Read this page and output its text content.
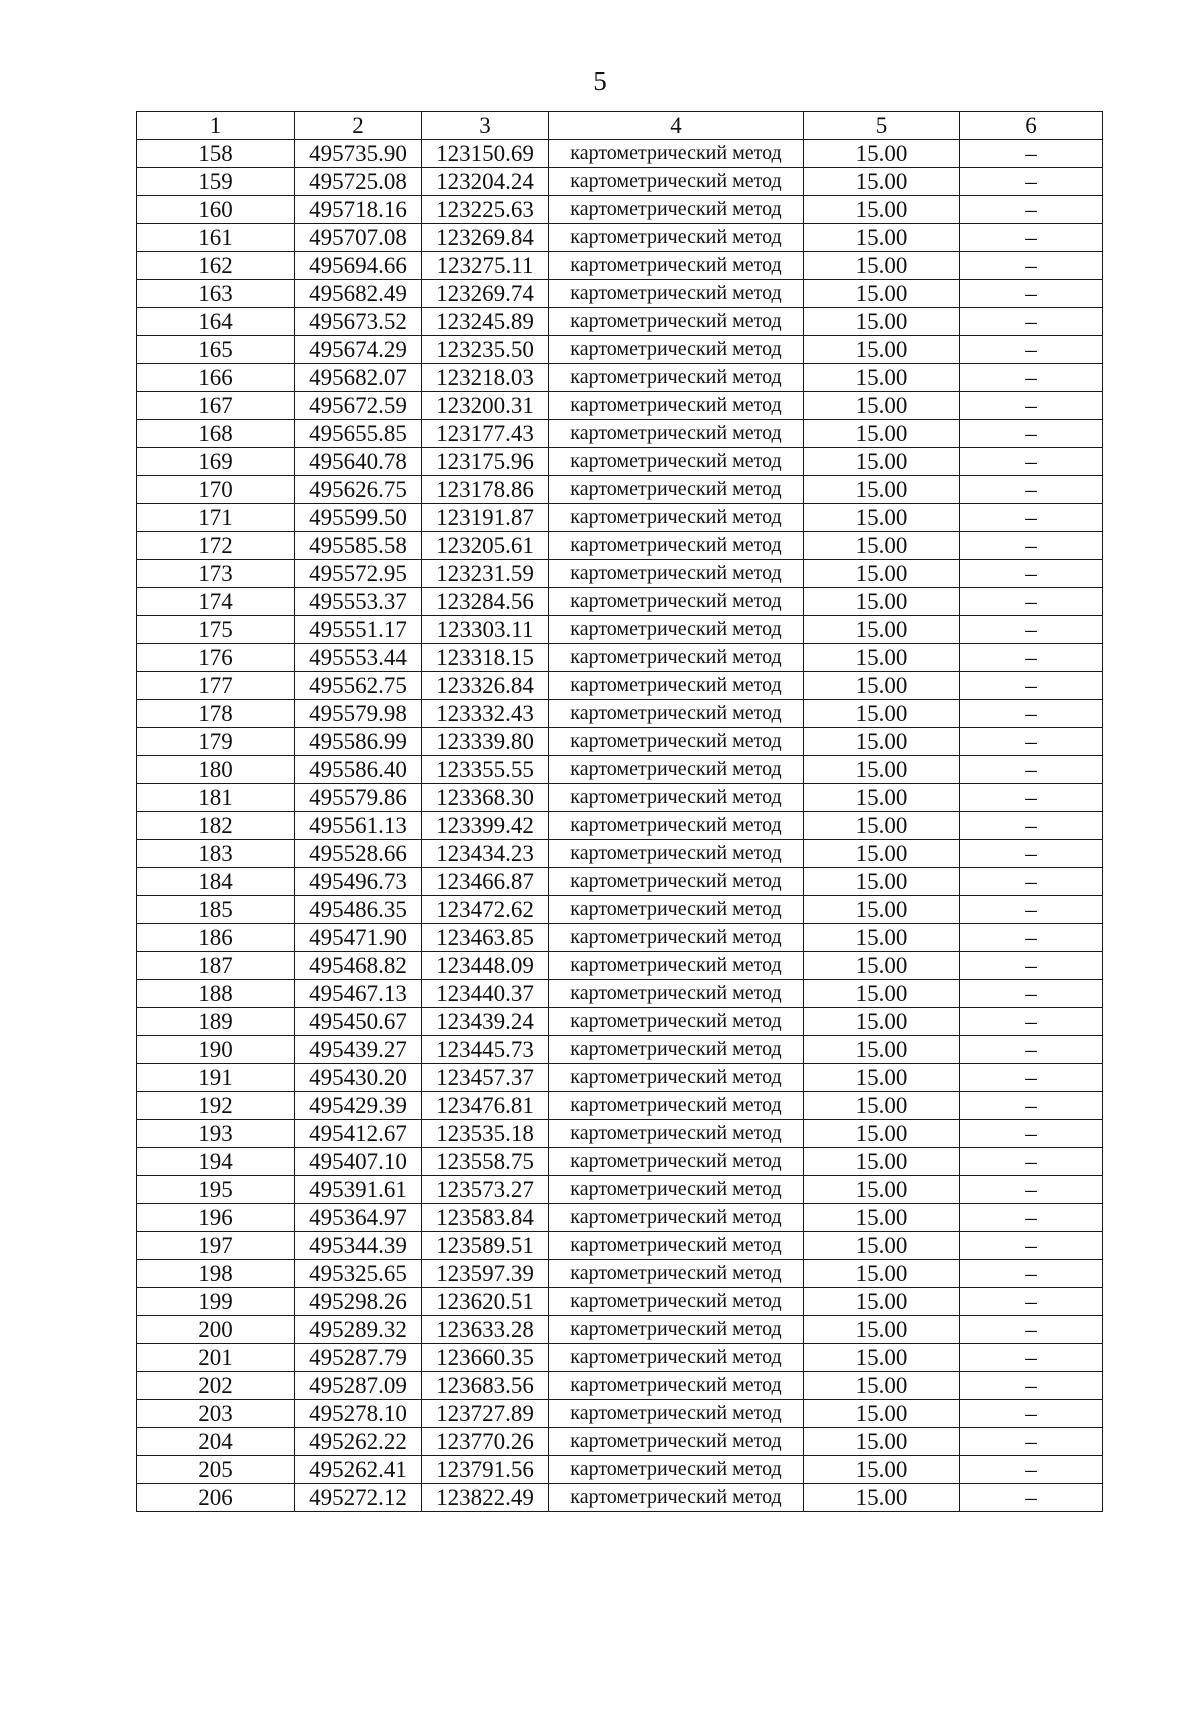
5
1	2	3	4	5	6
158	495735.90	123150.69	картометрический метод	15.00	–
159	495725.08	123204.24	картометрический метод	15.00	–
160	495718.16	123225.63	картометрический метод	15.00	–
161	495707.08	123269.84	картометрический метод	15.00	–
162	495694.66	123275.11	картометрический метод	15.00	–
163	495682.49	123269.74	картометрический метод	15.00	–
164	495673.52	123245.89	картометрический метод	15.00	–
165	495674.29	123235.50	картометрический метод	15.00	–
166	495682.07	123218.03	картометрический метод	15.00	–
167	495672.59	123200.31	картометрический метод	15.00	–
168	495655.85	123177.43	картометрический метод	15.00	–
169	495640.78	123175.96	картометрический метод	15.00	–
170	495626.75	123178.86	картометрический метод	15.00	–
171	495599.50	123191.87	картометрический метод	15.00	–
172	495585.58	123205.61	картометрический метод	15.00	–
173	495572.95	123231.59	картометрический метод	15.00	–
174	495553.37	123284.56	картометрический метод	15.00	–
175	495551.17	123303.11	картометрический метод	15.00	–
176	495553.44	123318.15	картометрический метод	15.00	–
177	495562.75	123326.84	картометрический метод	15.00	–
178	495579.98	123332.43	картометрический метод	15.00	–
179	495586.99	123339.80	картометрический метод	15.00	–
180	495586.40	123355.55	картометрический метод	15.00	–
181	495579.86	123368.30	картометрический метод	15.00	–
182	495561.13	123399.42	картометрический метод	15.00	–
183	495528.66	123434.23	картометрический метод	15.00	–
184	495496.73	123466.87	картометрический метод	15.00	–
185	495486.35	123472.62	картометрический метод	15.00	–
186	495471.90	123463.85	картометрический метод	15.00	–
187	495468.82	123448.09	картометрический метод	15.00	–
188	495467.13	123440.37	картометрический метод	15.00	–
189	495450.67	123439.24	картометрический метод	15.00	–
190	495439.27	123445.73	картометрический метод	15.00	–
191	495430.20	123457.37	картометрический метод	15.00	–
192	495429.39	123476.81	картометрический метод	15.00	–
193	495412.67	123535.18	картометрический метод	15.00	–
194	495407.10	123558.75	картометрический метод	15.00	–
195	495391.61	123573.27	картометрический метод	15.00	–
196	495364.97	123583.84	картометрический метод	15.00	–
197	495344.39	123589.51	картометрический метод	15.00	–
198	495325.65	123597.39	картометрический метод	15.00	–
199	495298.26	123620.51	картометрический метод	15.00	–
200	495289.32	123633.28	картометрический метод	15.00	–
201	495287.79	123660.35	картометрический метод	15.00	–
202	495287.09	123683.56	картометрический метод	15.00	–
203	495278.10	123727.89	картометрический метод	15.00	–
204	495262.22	123770.26	картометрический метод	15.00	–
205	495262.41	123791.56	картометрический метод	15.00	–
206	495272.12	123822.49	картометрический метод	15.00	–
